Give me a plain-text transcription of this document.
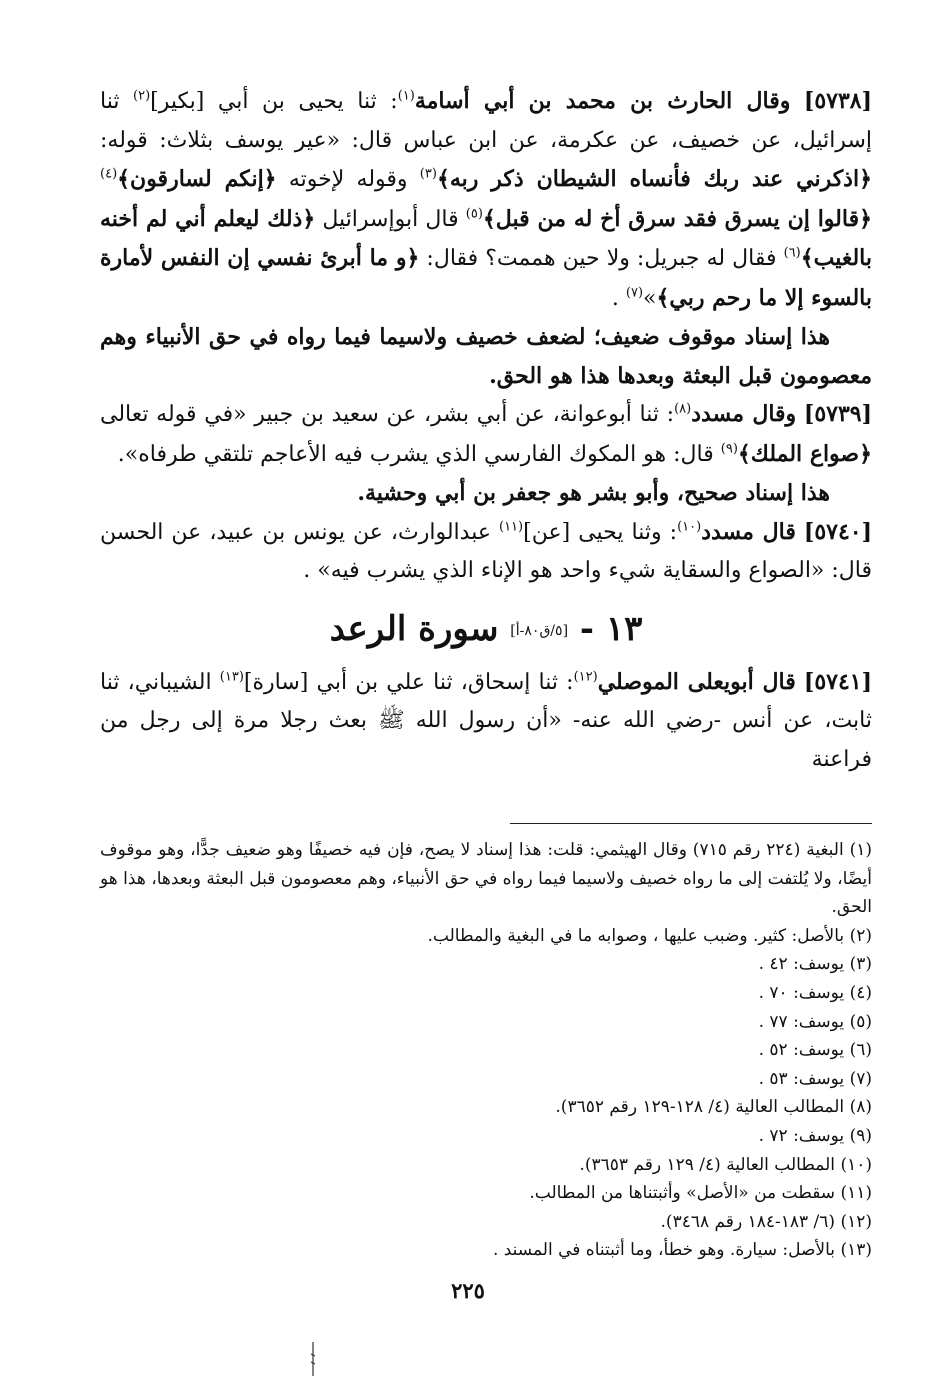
[٥٧٣٨] وقال الحارث بن محمد بن أبي أسامة$^{(١)}$: ثنا يحيى بن أبي [بكير]$^{(٢)}$ ثنا إسرائيل، عن خصيف، عن عكرمة، عن ابن عباس قال: «عير يوسف بثلاث: قوله: ﴿اذكرني عند ربك فأنساه الشيطان ذكر ربه﴾$^{(٣)}$ وقوله لإخوته ﴿إنكم لسارقون﴾$^{(٤)}$ ﴿قالوا إن يسرق فقد سرق أخ له من قبل﴾$^{(٥)}$ قال أبوإسرائيل ﴿ذلك ليعلم أني لم أخنه بالغيب﴾$^{(٦)}$ فقال له جبريل: ولا حين هممت؟ فقال: ﴿و ما أبرئ نفسي إن النفس لأمارة بالسوء إلا ما رحم ربي﴾»$^{(٧)}$ .

هذا إسناد موقوف ضعيف؛ لضعف خصيف ولاسيما فيما رواه في حق الأنبياء وهم معصومون قبل البعثة وبعدها هذا هو الحق.

[٥٧٣٩] وقال مسدد$^{(٨)}$: ثنا أبوعوانة، عن أبي بشر، عن سعيد بن جبير «في قوله تعالى ﴿صواع الملك﴾$^{(٩)}$ قال: هو المكوك الفارسي الذي يشرب فيه الأعاجم تلتقي طرفاه».

هذا إسناد صحيح، وأبو بشر هو جعفر بن أبي وحشية.

[٥٧٤٠] قال مسدد$^{(١٠)}$: وثنا يحيى [عن]$^{(١١)}$ عبدالوارث، عن يونس بن عبيد، عن الحسن قال: «الصواع والسقاية شيء واحد هو الإناء الذي يشرب فيه» .

١٣ - [٥/ق٨٠-أ] سورة الرعد

[٥٧٤١] قال أبويعلى الموصلي$^{(١٢)}$: ثنا إسحاق، ثنا علي بن أبي [سارة]$^{(١٣)}$ الشيباني، ثنا ثابت، عن أنس -رضي الله عنه- «أن رسول الله ﷺ بعث رجلا مرة إلى رجل من فراعنة

(١) البغية (٢٢٤ رقم ٧١٥) وقال الهيثمي: قلت: هذا إسناد لا يصح، فإن فيه خصيفًا وهو ضعيف جدًّا، وهو موقوف أيضًا، ولا يُلتفت إلى ما رواه خصيف ولاسيما فيما رواه في حق الأنبياء، وهم معصومون قبل البعثة وبعدها، هذا هو الحق.

(٢) بالأصل: كثير. وضبب عليها ، وصوابه ما في البغية والمطالب.

(٣) يوسف: ٤٢ .

(٤) يوسف: ٧٠ .

(٥) يوسف: ٧٧ .

(٦) يوسف: ٥٢ .

(٧) يوسف: ٥٣ .

(٨) المطالب العالية (٤/ ١٢٨-١٢٩ رقم ٣٦٥٢).

(٩) يوسف: ٧٢ .

(١٠) المطالب العالية (٤/ ١٢٩ رقم ٣٦٥٣).

(١١) سقطت من «الأصل» وأثبتناها من المطالب.

(١٢) (٦/ ١٨٣-١٨٤ رقم ٣٤٦٨).

(١٣) بالأصل: سيارة. وهو خطأ، وما أثبتناه في المسند .

٢٢٥
